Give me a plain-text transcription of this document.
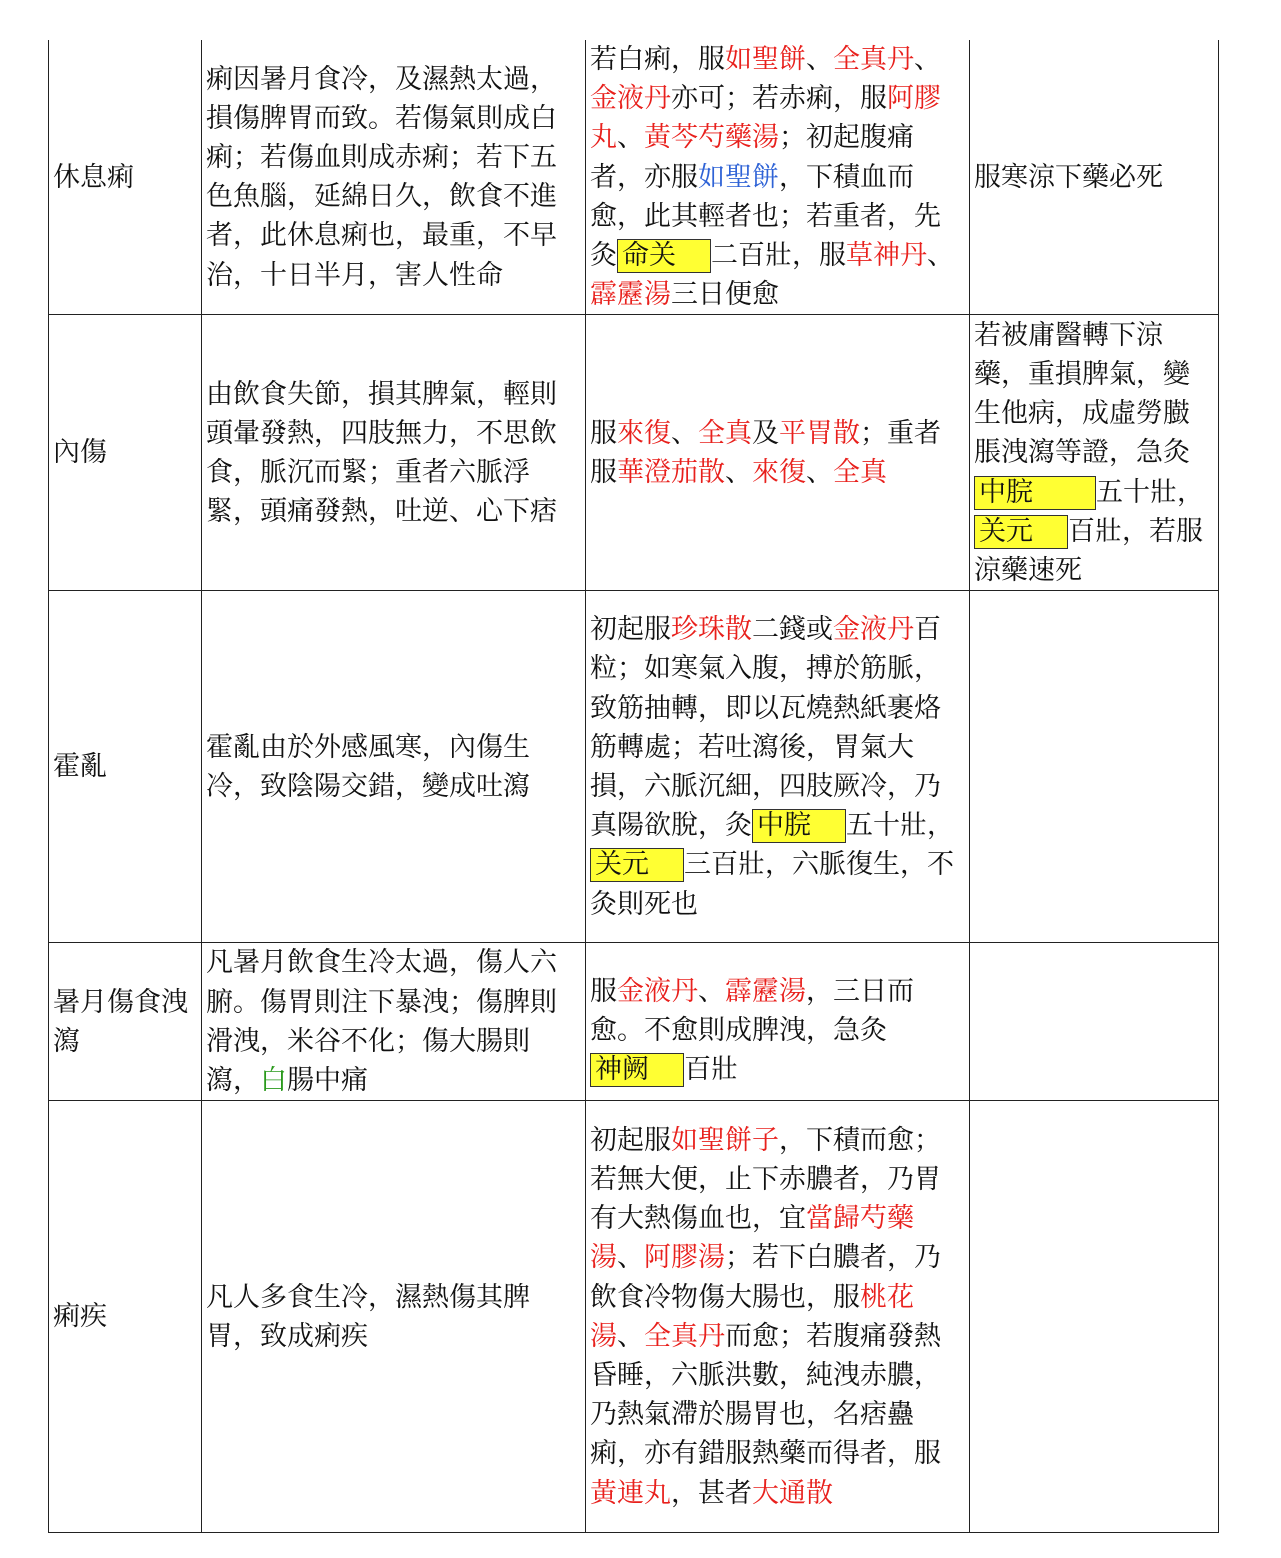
休息痢	痢因暑月食冷，及濕熱太過，損傷脾胃而致。若傷氣則成白痢；若傷血則成赤痢；若下五色魚腦，延綿日久，飲食不進者，此休息痢也，最重，不早治，十日半月，害人性命	若白痢，服如聖餅、全真丹、金液丹亦可；若赤痢，服阿膠丸、黃芩芍藥湯；初起腹痛者，亦服如聖餅，下積血而愈，此其輕者也；若重者，先灸 命关 二百壯，服草神丹、霹靂湯三日便愈	服寒涼下藥必死
內傷	由飲食失節，損其脾氣，輕則頭暈發熱，四肢無力，不思飲食，脈沉而緊；重者六脈浮緊，頭痛發熱，吐逆、心下痞	服來復、全真及平胃散；重者服華澄茄散、來復、全真	若被庸醫轉下涼藥，重損脾氣，變生他病，成虛勞臌脹洩瀉等證，急灸中脘 五十壯，关元 百壯，若服涼藥速死
霍亂	霍亂由於外感風寒，內傷生冷，致陰陽交錯，變成吐瀉	初起服珍珠散二錢或金液丹百粒；如寒氣入腹，搏於筋脈，致筋抽轉，即以瓦燒熱紙裹烙筋轉處；若吐瀉後，胃氣大損，六脈沉細，四肢厥冷，乃真陽欲脫，灸 中脘 五十壯，关元 三百壯，六脈復生，不灸則死也	
暑月傷食洩瀉	凡暑月飲食生冷太過，傷人六腑。傷胃則注下暴洩；傷脾則滑洩，米谷不化；傷大腸則瀉，白腸中痛	服金液丹、霹靂湯，三日而愈。不愈則成脾洩，急灸神阙 百壯	
痢疾	凡人多食生冷，濕熱傷其脾胃，致成痢疾	初起服如聖餅子，下積而愈；若無大便，止下赤膿者，乃胃有大熱傷血也，宜當歸芍藥湯、阿膠湯；若下白膿者，乃飲食冷物傷大腸也，服桃花湯、全真丹而愈；若腹痛發熱昏睡，六脈洪數，純洩赤膿，乃熱氣滯於腸胃也，名痞蠱痢，亦有錯服熱藥而得者，服黃連丸，甚者大通散	
